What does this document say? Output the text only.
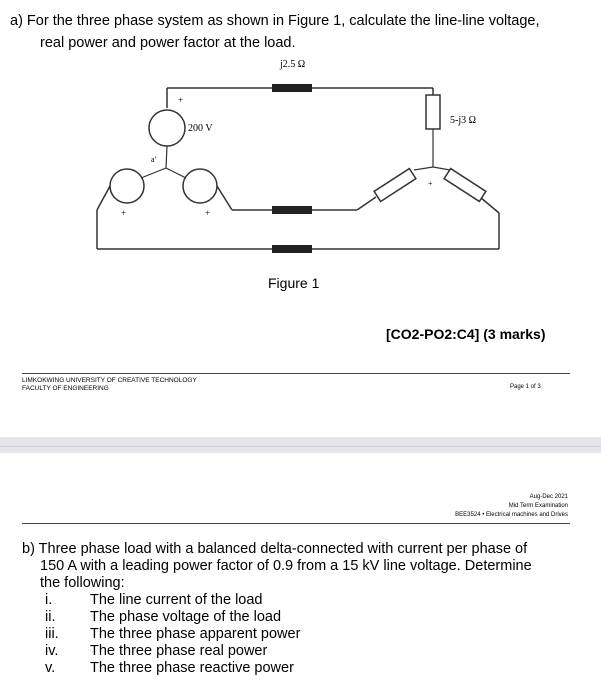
a) For the three phase system as shown in Figure 1, calculate the line-line voltage,
real power and power factor at the load.
j2.5 Ω
200 V
a'
+
+	+
5-j3 Ω
+
Figure 1
[CO2-PO2:C4] (3 marks)
LIMKOKWING UNIVERSITY OF CREATIVE TECHNOLOGY
FACULTY OF ENGINEERING	Page 1 of 3
Aug-Dec 2021
Mid Term Examination
BEE3524 • Electrical machines and Drives
b) Three phase load with a balanced delta-connected with current per phase of
150 A with a leading power factor of 0.9 from a 15 kV line voltage. Determine
the following:
i.	The line current of the load
ii. The phase voltage of the load
iii. The three phase apparent power
iv. The three phase real power
v. The three phase reactive power
